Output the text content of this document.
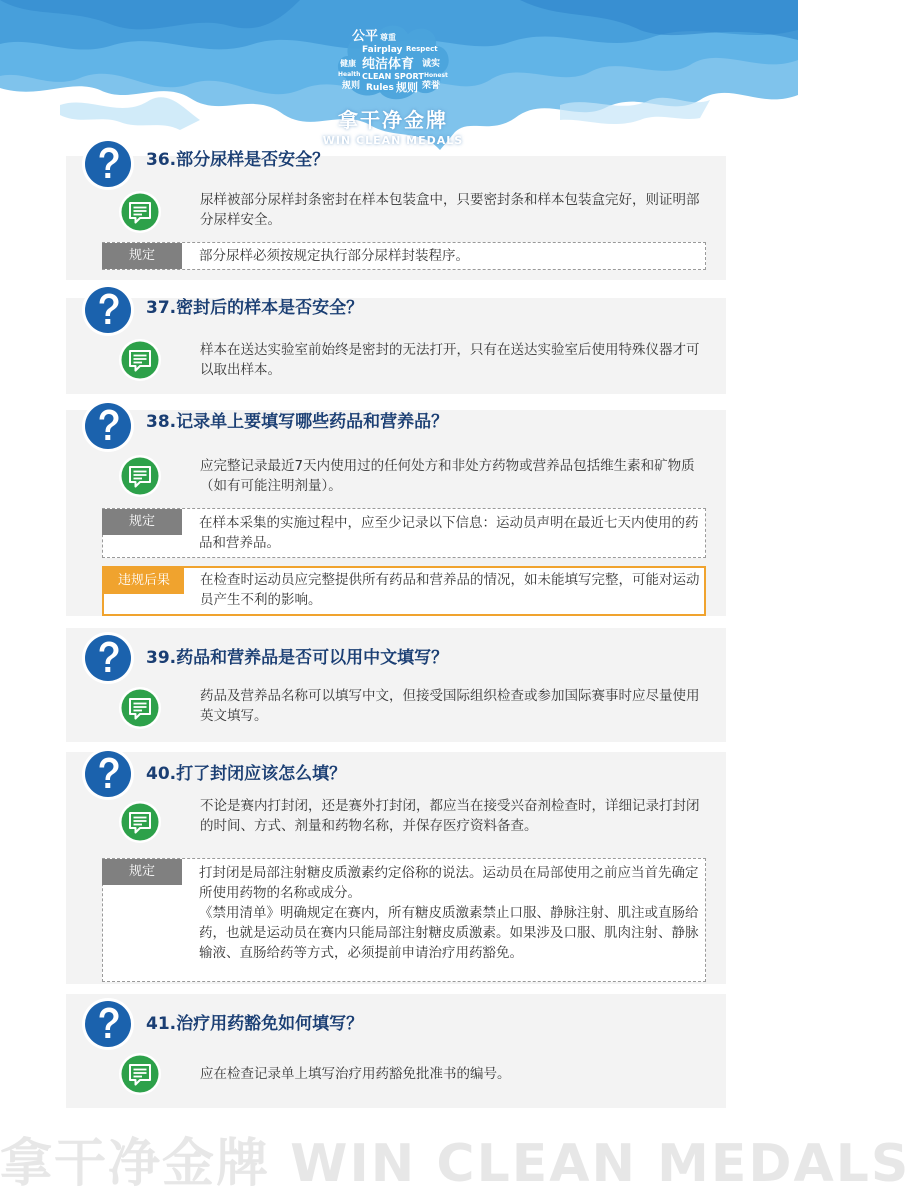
公平 尊重
Fairplay Respect
健康 纯洁体育 诚实
Health CLEAN SPORT Honest
规则 Rules 规则 荣誉
拿干净金牌
WIN CLEAN MEDALS
36.部分尿样是否安全？
尿样被部分尿样封条密封在样本包装盒中，只要密封条和样本包装盒完好，则证明部分尿样安全。
规定	部分尿样必须按规定执行部分尿样封装程序。
37.密封后的样本是否安全？
样本在送达实验室前始终是密封的无法打开，只有在送达实验室后使用特殊仪器才可以取出样本。
38.记录单上要填写哪些药品和营养品？
应完整记录最近7天内使用过的任何处方和非处方药物或营养品包括维生素和矿物质（如有可能注明剂量）。
规定	在样本采集的实施过程中，应至少记录以下信息：运动员声明在最近七天内使用的药品和营养品。
违规后果	在检查时运动员应完整提供所有药品和营养品的情况，如未能填写完整，可能对运动员产生不利的影响。
39.药品和营养品是否可以用中文填写？
药品及营养品名称可以填写中文，但接受国际组织检查或参加国际赛事时应尽量使用英文填写。
40.打了封闭应该怎么填？
不论是赛内打封闭，还是赛外打封闭，都应当在接受兴奋剂检查时，详细记录打封闭的时间、方式、剂量和药物名称，并保存医疗资料备查。
规定	打封闭是局部注射糖皮质激素约定俗称的说法。运动员在局部使用之前应当首先确定所使用药物的名称或成分。
《禁用清单》明确规定在赛内，所有糖皮质激素禁止口服、静脉注射、肌注或直肠给药，也就是运动员在赛内只能局部注射糖皮质激素。如果涉及口服、肌肉注射、静脉输液、直肠给药等方式，必须提前申请治疗用药豁免。
41.治疗用药豁免如何填写？
应在检查记录单上填写治疗用药豁免批准书的编号。
拿干净金牌 WIN CLEAN MEDALS
